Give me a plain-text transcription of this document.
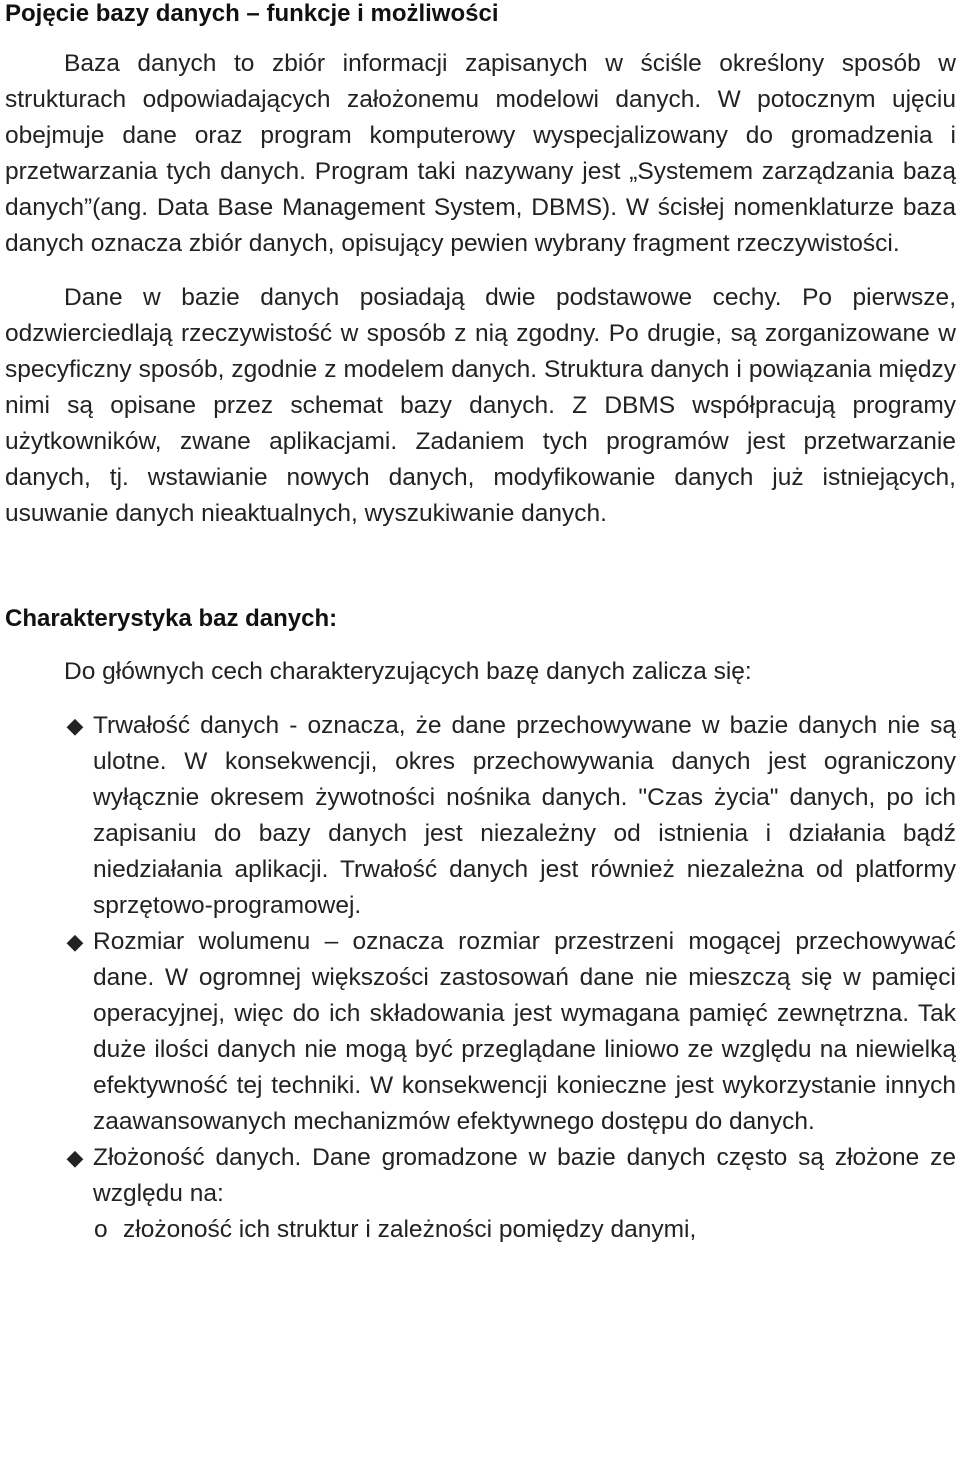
Pojęcie bazy danych – funkcje i możliwości

Baza danych to zbiór informacji zapisanych w ściśle określony sposób w strukturach odpowiadających założonemu modelowi danych. W potocznym ujęciu obejmuje dane oraz program komputerowy wyspecjalizowany do gromadzenia i przetwarzania tych danych. Program taki nazywany jest „Systemem zarządzania bazą danych”(ang. Data Base Management System, DBMS). W ścisłej nomenklaturze baza danych oznacza zbiór danych, opisujący pewien wybrany fragment rzeczywistości.

Dane w bazie danych posiadają dwie podstawowe cechy. Po pierwsze, odzwierciedlają rzeczywistość w sposób z nią zgodny. Po drugie, są zorganizowane w specyficzny sposób, zgodnie z modelem danych. Struktura danych i powiązania między nimi są opisane przez schemat bazy danych. Z DBMS współpracują programy użytkowników, zwane aplikacjami. Zadaniem tych programów jest przetwarzanie danych, tj. wstawianie nowych danych, modyfikowanie danych już istniejących, usuwanie danych nieaktualnych, wyszukiwanie danych.

Charakterystyka baz danych:

Do głównych cech charakteryzujących bazę danych zalicza się:

◆ Trwałość danych - oznacza, że dane przechowywane w bazie danych nie są ulotne. W konsekwencji, okres przechowywania danych jest ograniczony wyłącznie okresem żywotności nośnika danych. "Czas życia" danych, po ich zapisaniu do bazy danych jest niezależny od istnienia i działania bądź niedziałania aplikacji. Trwałość danych jest również niezależna od platformy sprzętowo-programowej.
◆ Rozmiar wolumenu – oznacza rozmiar przestrzeni mogącej przechowywać dane. W ogromnej większości zastosowań dane nie mieszczą się w pamięci operacyjnej, więc do ich składowania jest wymagana pamięć zewnętrzna. Tak duże ilości danych nie mogą być przeglądane liniowo ze względu na niewielką efektywność tej techniki. W konsekwencji konieczne jest wykorzystanie innych zaawansowanych mechanizmów efektywnego dostępu do danych.
◆ Złożoność danych. Dane gromadzone w bazie danych często są złożone ze względu na:
o złożoność ich struktur i zależności pomiędzy danymi,
